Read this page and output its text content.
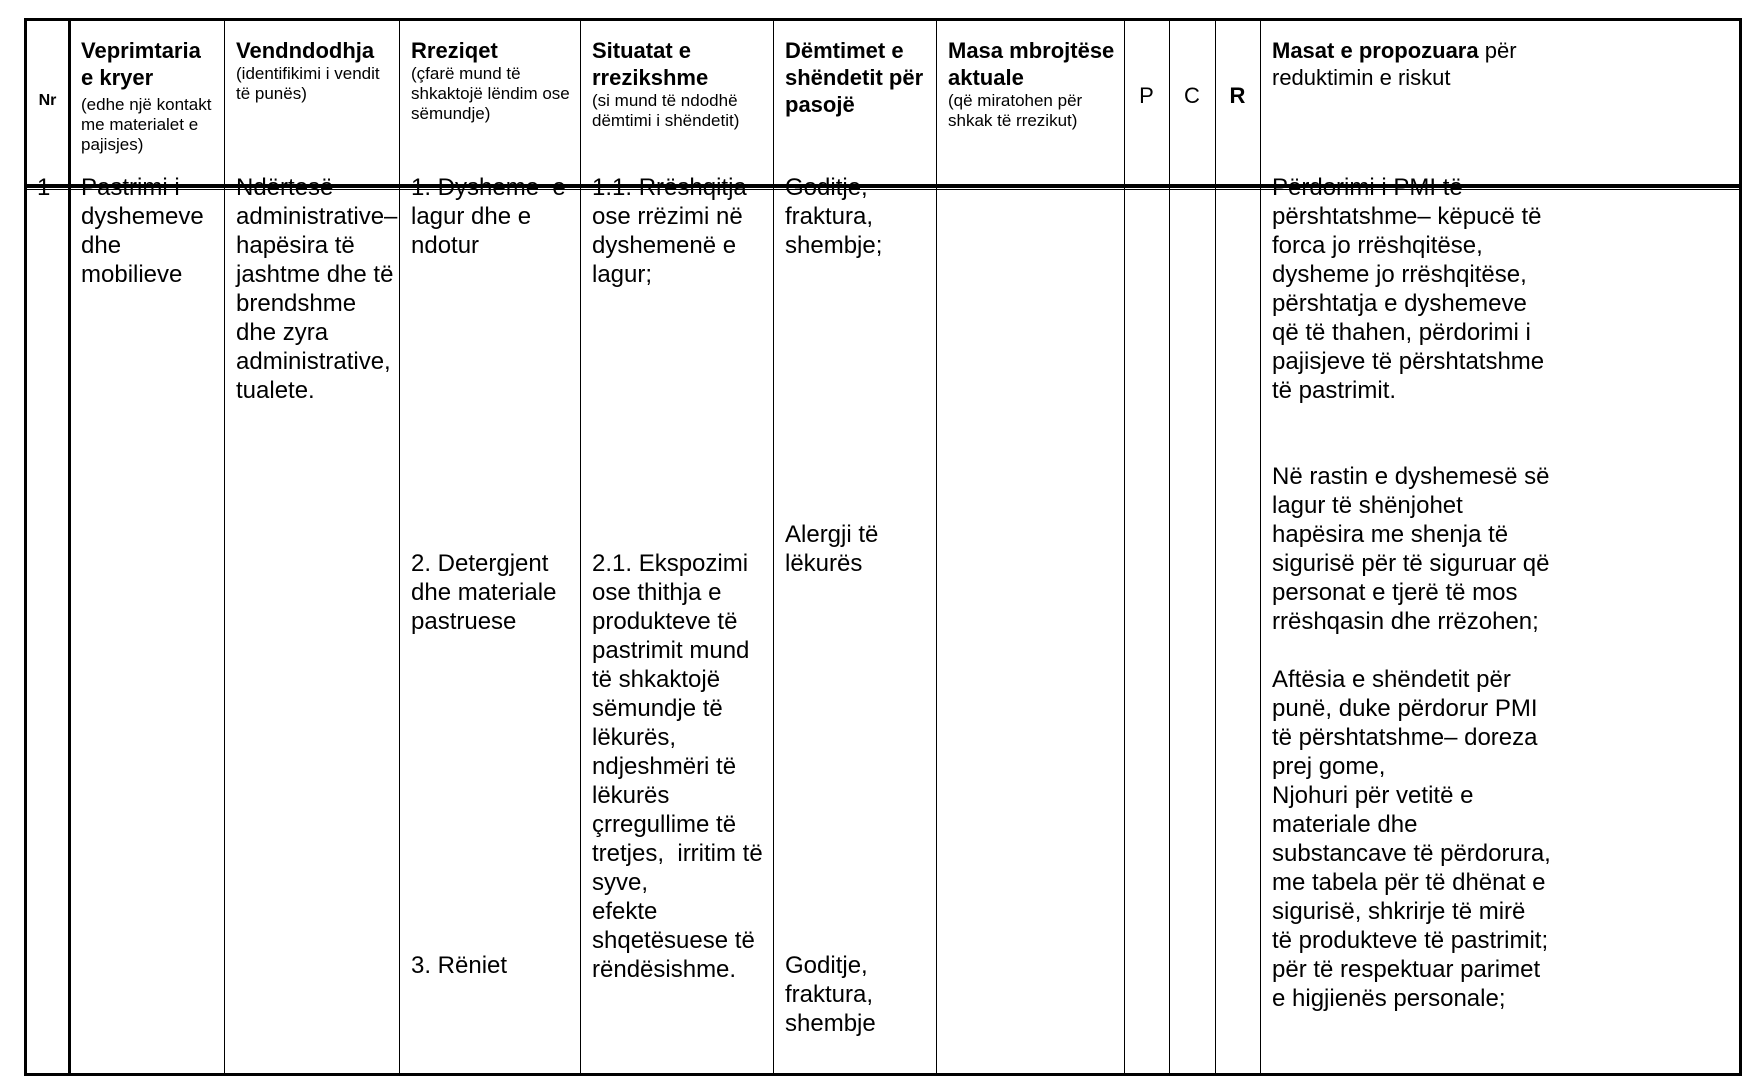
Nr
Veprimtaria e kryer
(edhe një kontakt me materialet e pajisjes)
Vendndodhja
(identifikimi i vendit të punës)
Rreziqet
(çfarë mund të shkaktojë lëndim ose sëmundje)
Situatat e rrezikshme
(si mund të ndodhë dëmtimi i shëndetit)
Dëmtimet e shëndetit për pasojë
Masa mbrojtëse aktuale
(që miratohen për shkak të rrezikut)
P	C	R
Masat e propozuara për reduktimin e riskut
1 Pastrimi i
dyshemeve
dhe
mobilieve
Ndërtesë
administrative–
hapësira të
jashtme dhe të
brendshme
dhe zyra
administrative,
tualete.
1. Dysheme  e
lagur dhe e
ndotur
2. Detergjent
dhe materiale
pastruese
3. Rëniet
1.1. Rrëshqitja
ose rrëzimi në
dyshemenë e
lagur;
2.1. Ekspozimi
ose thithja e
produkteve të
pastrimit mund
të shkaktojë
sëmundje të
lëkurës,
ndjeshmëri të
lëkurës
çrregullime të
tretjes,  irritim të
syve,
efekte
shqetësuese të
rëndësishme.
Goditje,
fraktura,
shembje;
Alergji të
lëkurës
Goditje,
fraktura,
shembje
Përdorimi i PMI të
përshtatshme– këpucë të
forca jo rrëshqitëse,
dysheme jo rrëshqitëse,
përshtatja e dyshemeve
që të thahen, përdorimi i
pajisjeve të përshtatshme
të pastrimit.
Në rastin e dyshemesë së
lagur të shënjohet
hapësira me shenja të
sigurisë për të siguruar që
personat e tjerë të mos
rrëshqasin dhe rrëzohen;
Aftësia e shëndetit për
punë, duke përdorur PMI
të përshtatshme– doreza
prej gome,
Njohuri për vetitë e
materiale dhe
substancave të përdorura,
me tabela për të dhënat e
sigurisë, shkrirje të mirë
të produkteve të pastrimit;
për të respektuar parimet
e higjienës personale;
